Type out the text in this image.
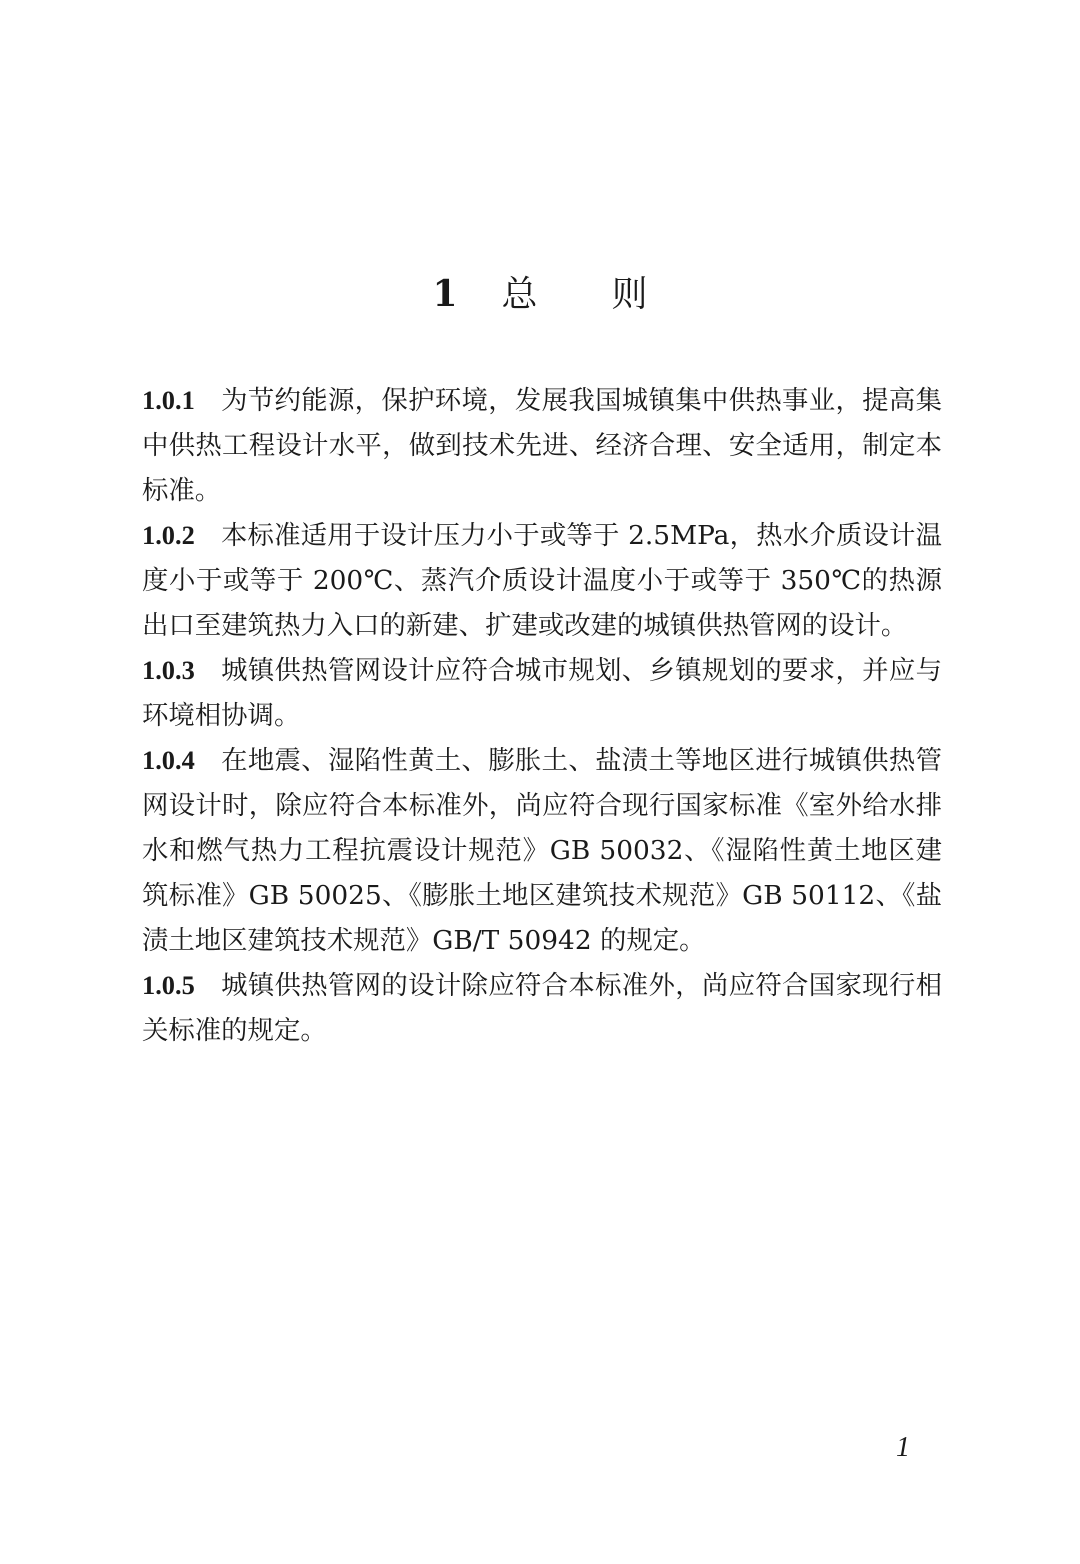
1 总 则

1.0.1 为节约能源，保护环境，发展我国城镇集中供热事业，提高集中供热工程设计水平，做到技术先进、经济合理、安全适用，制定本标准。

1.0.2 本标准适用于设计压力小于或等于 2.5MPa，热水介质设计温度小于或等于 200℃、蒸汽介质设计温度小于或等于 350℃的热源出口至建筑热力入口的新建、扩建或改建的城镇供热管网的设计。

1.0.3 城镇供热管网设计应符合城市规划、乡镇规划的要求，并应与环境相协调。

1.0.4 在地震、湿陷性黄土、膨胀土、盐渍土等地区进行城镇供热管网设计时，除应符合本标准外，尚应符合现行国家标准《室外给水排水和燃气热力工程抗震设计规范》GB 50032、《湿陷性黄土地区建筑标准》GB 50025、《膨胀土地区建筑技术规范》GB 50112、《盐渍土地区建筑技术规范》GB/T 50942 的规定。

1.0.5 城镇供热管网的设计除应符合本标准外，尚应符合国家现行相关标准的规定。

1
